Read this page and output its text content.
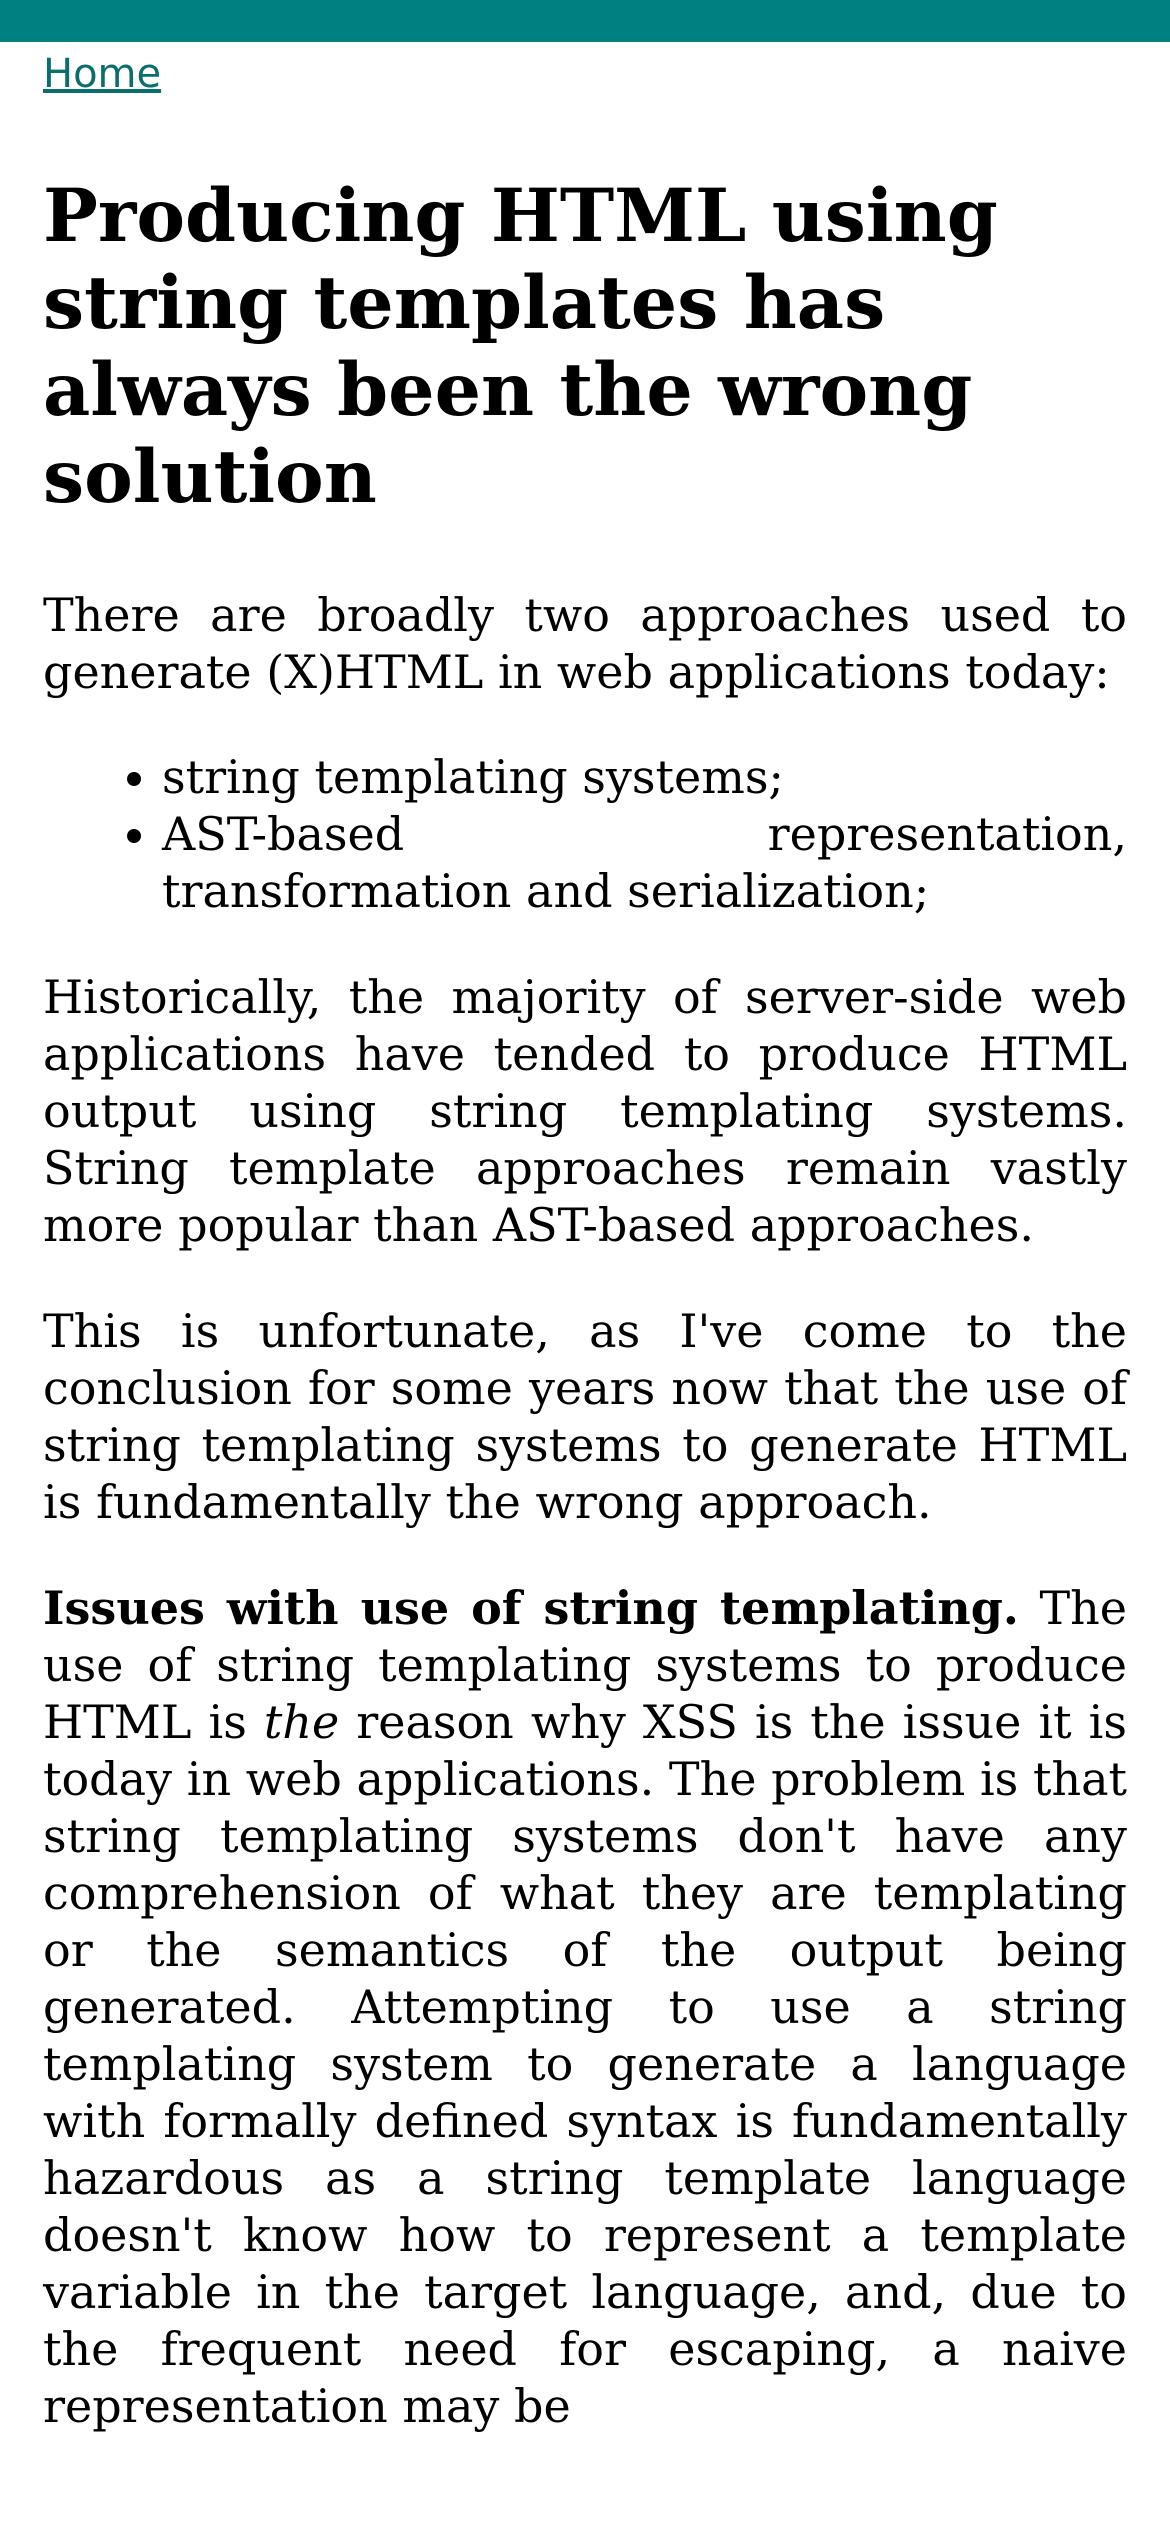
Home
Producing HTML using string templates has always been the wrong solution

There are broadly two approaches used to generate (X)HTML in web applications today:

• string templating systems;
• AST-based representation, transformation and serialization;

Historically, the majority of server-side web applications have tended to produce HTML output using string templating systems. String template approaches remain vastly more popular than AST-based approaches.

This is unfortunate, as I've come to the conclusion for some years now that the use of string templating systems to generate HTML is fundamentally the wrong approach.

Issues with use of string templating. The use of string templating systems to produce HTML is the reason why XSS is the issue it is today in web applications. The problem is that string templating systems don't have any comprehension of what they are templating or the semantics of the output being generated. Attempting to use a string templating system to generate a language with formally defined syntax is fundamentally hazardous as a string template language doesn't know how to represent a template variable in the target language, and, due to the frequent need for escaping, a naive representation may be
